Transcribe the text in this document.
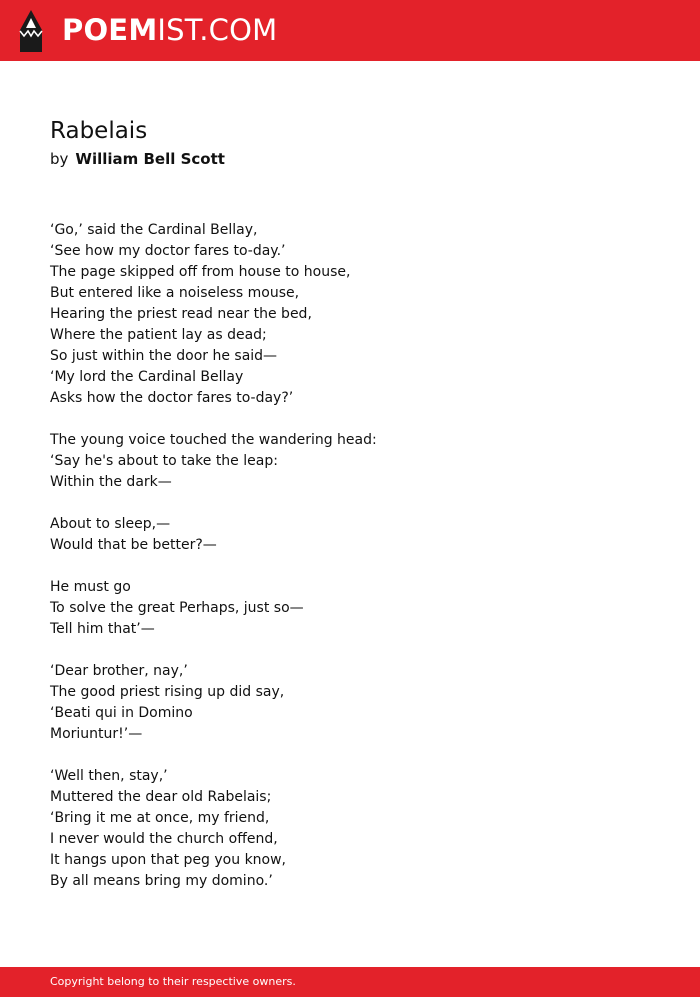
POEMIST.COM
Rabelais
by William Bell Scott
‘Go,’ said the Cardinal Bellay,
‘See how my doctor fares to-day.’
The page skipped off from house to house,
But entered like a noiseless mouse,
Hearing the priest read near the bed,
Where the patient lay as dead;
So just within the door he said—
‘My lord the Cardinal Bellay
Asks how the doctor fares to-day?’
The young voice touched the wandering head:
‘Say he's about to take the leap:
Within the dark—
About to sleep,—
Would that be better?—
He must go
To solve the great Perhaps, just so—
Tell him that’—
‘Dear brother, nay,’
The good priest rising up did say,
‘Beati qui in Domino
Moriuntur!’—
‘Well then, stay,’
Muttered the dear old Rabelais;
‘Bring it me at once, my friend,
I never would the church offend,
It hangs upon that peg you know,
By all means bring my domino.’
Copyright belong to their respective owners.
